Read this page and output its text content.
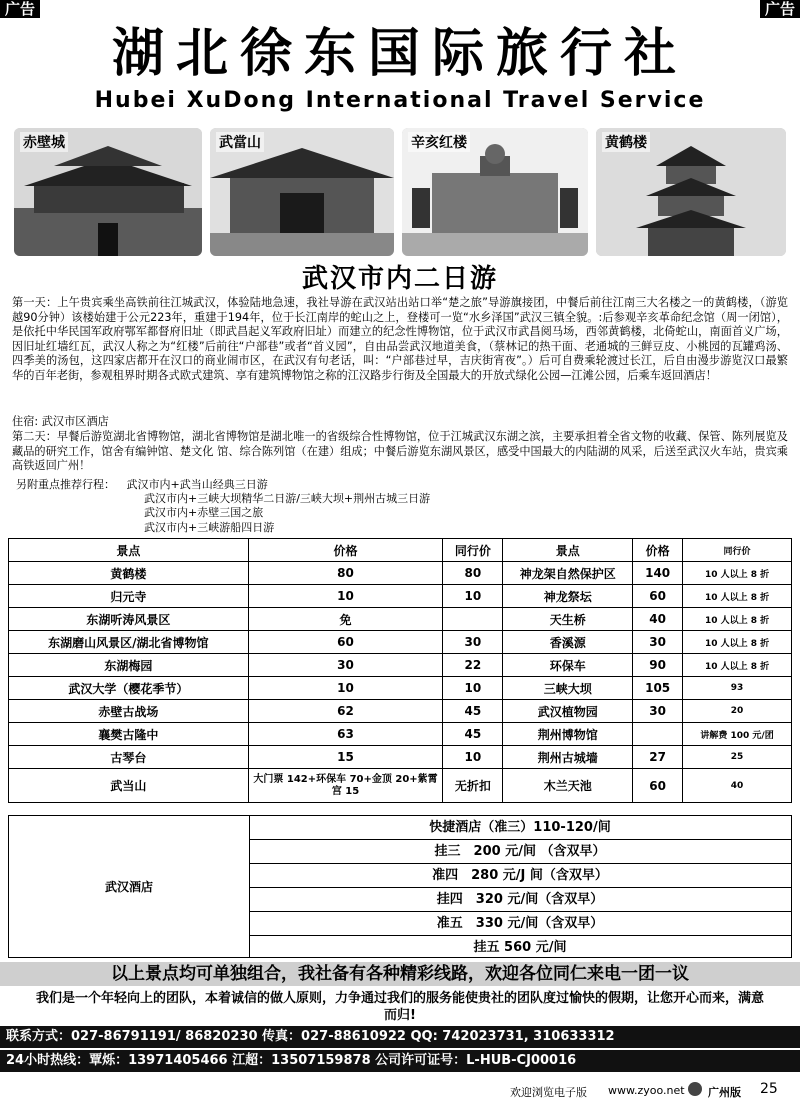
广告	广告
湖北徐东国际旅行社
Hubei XuDong International Travel Service
赤壁城	武當山	辛亥红楼	黄鹤楼
武汉市内二日游
第一天：上午贵宾乘坐高铁前往江城武汉，体验陆地急速，我社导游在武汉站出站口举“楚之旅”导游旗接团，中餐后前往江南三大名楼之一的黄鹤楼，（游览越90分钟）该楼始建于公元223年，重建于194年，位于长江南岸的蛇山之上，登楼可一览“水乡泽国”武汉三镇全貌。:后参观辛亥革命纪念馆（周一闭馆），是依托中华民国军政府鄂军都督府旧址（即武昌起义军政府旧址）而建立的纪念性博物馆，位于武汉市武昌阅马场，西邻黄鹤楼，北倚蛇山，南面首义广场，因旧址红墙红瓦，武汉人称之为“红楼”后前往“户部巷”或者“首义园”，自由品尝武汉地道美食，（蔡林记的热干面、老通城的三鲜豆皮、小桃园的瓦罐鸡汤、四季美的汤包，这四家店都开在汉口的商业闹市区，在武汉有句老话，叫：“户部巷过早，吉庆街宵夜”。）后可自费乘轮渡过长江，后自由漫步游览汉口最繁华的百年老街，参观租界时期各式欧式建筑、享有建筑博物馆之称的江汉路步行街及全国最大的开放式绿化公园—江滩公园，后乘车返回酒店！
住宿: 武汉市区酒店
第二天：早餐后游览湖北省博物馆，湖北省博物馆是湖北唯一的省级综合性博物馆，位于江城武汉东湖之滨，主要承担着全省文物的收藏、保管、陈列展览及藏品的研究工作，馆舍有编钟馆、楚文化 馆、综合陈列馆（在建）组成；中餐后游览东湖风景区，感受中国最大的内陆湖的风采，后送至武汉火车站，贵宾乘高铁返回广州！
另附重点推荐行程： 武汉市内+武当山经典三日游
武汉市内+三峡大坝精华二日游/三峡大坝+荆州古城三日游
武汉市内+赤壁三国之旅
武汉市内+三峡游船四日游
景点	价格	同行价	景点	价格	同行价
黄鹤楼	80	80	神龙架自然保护区	140	10 人以上 8 折
归元寺	10	10	神龙祭坛	60	10 人以上 8 折
东湖听涛风景区	免		天生桥	40	10 人以上 8 折
东湖磨山风景区/湖北省博物馆	60	30	香溪源	30	10 人以上 8 折
东湖梅园	30	22	环保车	90	10 人以上 8 折
武汉大学（樱花季节）	10	10	三峡大坝	105	93
赤壁古战场	62	45	武汉植物园	30	20
襄樊古隆中	63	45	荆州博物馆		讲解费 100 元/团
古琴台	15	10	荆州古城墙	27	25
武当山	大门票 142+环保车 70+金顶 20+紫霄宫 15	无折扣	木兰天池	60	40
武汉酒店
快捷酒店（准三）110-120/间
挂三　200 元/间 （含双早）
准四　280 元/J 间（含双早）
挂四　320 元/间（含双早）
准五　330 元/间（含双早）
挂五 560 元/间
以上景点均可单独组合，我社备有各种精彩线路，欢迎各位同仁来电一团一议
我们是一个年轻向上的团队，本着诚信的做人原则，力争通过我们的服务能使贵社的团队度过愉快的假期，让您开心而来，满意而归!
联系方式：027-86791191/ 86820230 传真：027-88610922 QQ: 742023731, 310633312
24小时热线：覃烁：13971405466 江超：13507159878 公司许可证号：L-HUB-CJ00016
欢迎浏览电子版 www.zyoo.net 广州版 25
